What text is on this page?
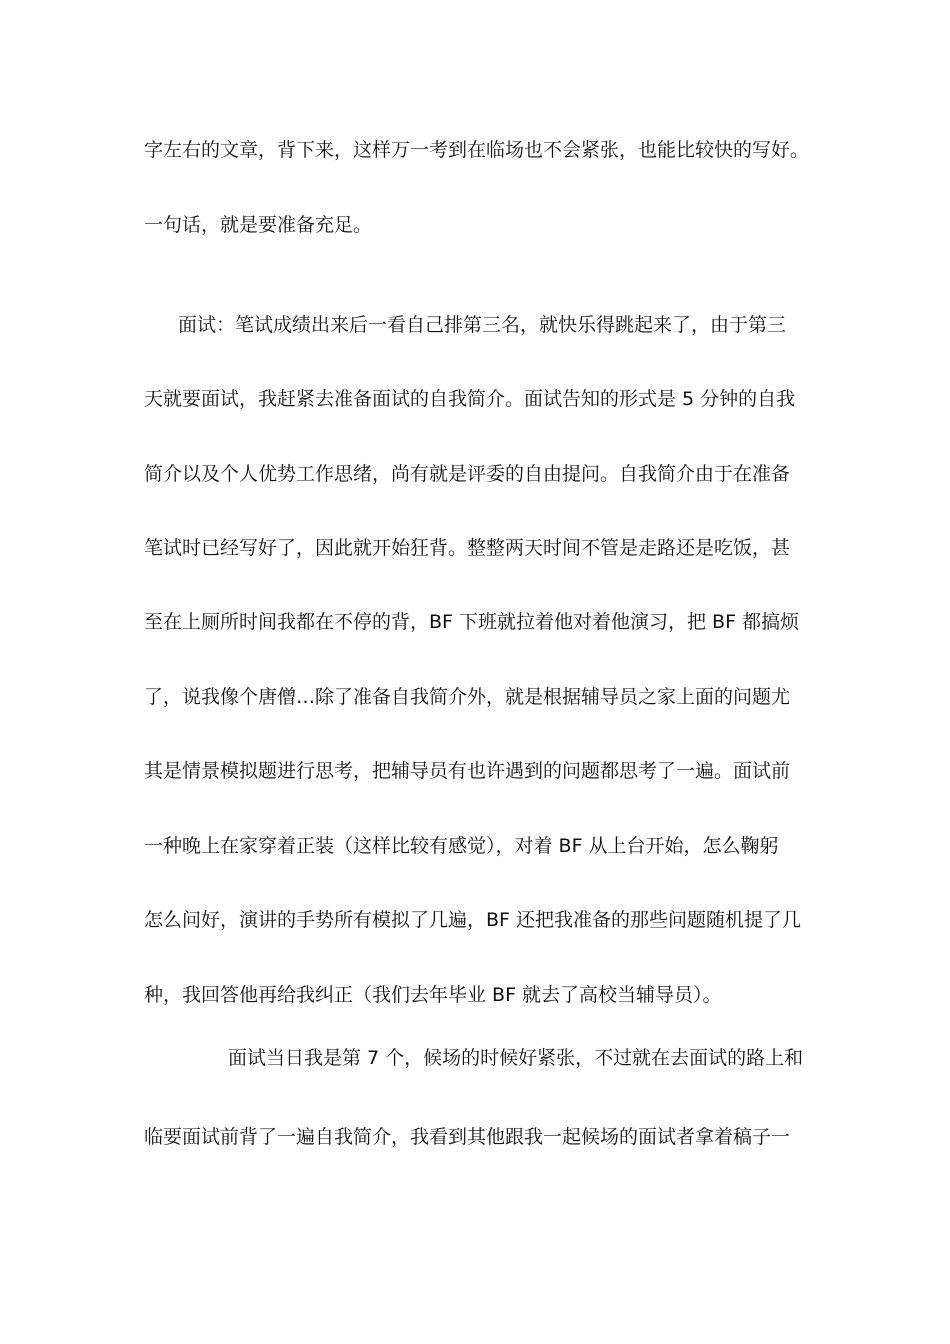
字左右的文章，背下来，这样万一考到在临场也不会紧张，也能比较快的写好。
一句话，就是要准备充足。
面试：笔试成绩出来后一看自己排第三名，就快乐得跳起来了，由于第三
天就要面试，我赶紧去准备面试的自我简介。面试告知的形式是 5 分钟的自我
简介以及个人优势工作思绪，尚有就是评委的自由提问。自我简介由于在准备
笔试时已经写好了，因此就开始狂背。整整两天时间不管是走路还是吃饭，甚
至在上厕所时间我都在不停的背，BF 下班就拉着他对着他演习，把 BF 都搞烦
了，说我像个唐僧…除了准备自我简介外，就是根据辅导员之家上面的问题尤
其是情景模拟题进行思考，把辅导员有也许遇到的问题都思考了一遍。面试前
一种晚上在家穿着正装（这样比较有感觉），对着 BF 从上台开始，怎么鞠躬
怎么问好，演讲的手势所有模拟了几遍，BF 还把我准备的那些问题随机提了几
种，我回答他再给我纠正（我们去年毕业 BF 就去了高校当辅导员）。
面试当日我是第 7 个，候场的时候好紧张，不过就在去面试的路上和
临要面试前背了一遍自我简介，我看到其他跟我一起候场的面试者拿着稿子一
